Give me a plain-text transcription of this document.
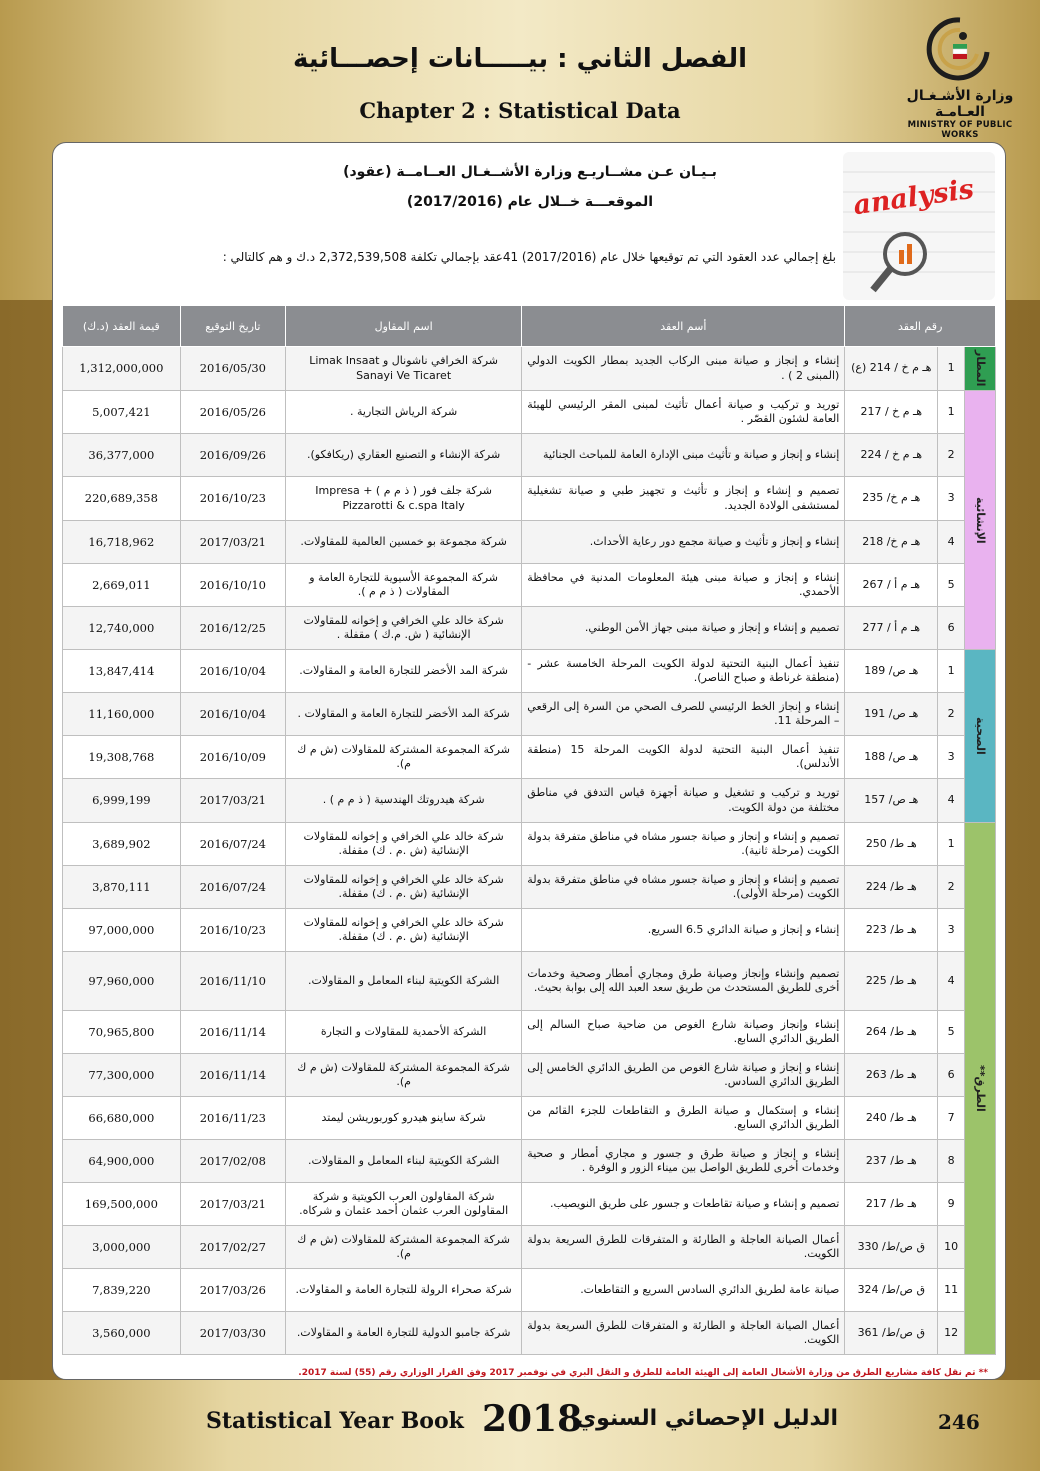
الفصل الثاني : بيـــــانات إحصـــائية
Chapter 2 : Statistical Data
وزارة الأشـغـال العـامـة
MINISTRY OF PUBLIC WORKS
analysis
بـيـان عـن مشــاريـع وزارة الأشــغـال العــامــة (عقود)
الموقعـــة خــلال عام (2017/2016)
بلغ إجمالي عدد العقود التي تم توقيعها خلال عام (2017/2016) 41عقد بإجمالي تكلفة 2,372,539,508 د.ك و هم كالتالي :
رقم العقد			أسم العقد	اسم المقاول	تاريخ التوقيع	قيمة العقد (د.ك)
المطار	1	هـ م خ / 214 (ع)	إنشاء و إنجاز و صيانة مبنى الركاب الجديد بمطار الكويت الدولي (المبنى 2 ) .	شركة الخرافي ناشونال و Limak Insaat Sanayi Ve Ticaret	2016/05/30	1,312,000,000
الإنشائية	1	هـ م خ / 217	توريد و تركيب و صيانة أعمال تأثيث لمبنى المقر الرئيسي للهيئة العامة لشئون القصّر .	شركة الرياش التجارية .	2016/05/26	5,007,421
	2	هـ م خ / 224	إنشاء و إنجاز و صيانة و تأثيث مبنى الإدارة العامة للمباحث الجنائية	شركة الإنشاء و التصنيع العقاري (ريكافكو).	2016/09/26	36,377,000
	3	هـ م خ/ 235	تصميم و إنشاء و إنجاز و تأثيث و تجهيز طبي و صيانة تشغيلية لمستشفى الولادة الجديد.	شركة جلف فور ( ذ م م ) + Impresa Pizzarotti & c.spa Italy	2016/10/23	220,689,358
	4	هـ م خ/ 218	إنشاء و إنجاز و تأثيث و صيانة مجمع دور رعاية الأحداث.	شركة مجموعة بو خمسين العالمية للمقاولات.	2017/03/21	16,718,962
	5	هـ م أ / 267	إنشاء و إنجاز و صيانة مبنى هيئة المعلومات المدنية في محافظة الأحمدي.	شركة المجموعة الأسيوية للتجارة العامة و المقاولات ( ذ م م ).	2016/10/10	2,669,011
	6	هـ م أ / 277	تصميم و إنشاء و إنجاز و صيانة مبنى جهاز الأمن الوطني.	شركة خالد علي الخرافي و إخوانه للمقاولات الإنشائية ( ش. م.ك ) مقفلة .	2016/12/25	12,740,000
الصحية	1	هـ ص/ 189	تنفيذ أعمال البنية التحتية لدولة الكويت المرحلة الخامسة عشر - (منطقة غرناطة و صباح الناصر).	شركة المد الأخضر للتجارة العامة و المقاولات.	2016/10/04	13,847,414
	2	هـ ص/ 191	إنشاء و إنجاز الخط الرئيسي للصرف الصحي من السرة إلى الرقعي – المرحلة 11.	شركة المد الأخضر للتجارة العامة و المقاولات .	2016/10/04	11,160,000
	3	هـ ص/ 188	تنفيذ أعمال البنية التحتية لدولة الكويت المرحلة 15 (منطقة الأندلس).	شركة المجموعة المشتركة للمقاولات (ش م ك م).	2016/10/09	19,308,768
	4	هـ ص/ 157	توريد و تركيب و تشغيل و صيانة أجهزة قياس التدفق في مناطق مختلفة من دولة الكويت.	شركة هيدروتك الهندسية ( ذ م م ) .	2017/03/21	6,999,199
الطرق**	1	هـ ط/ 250	تصميم و إنشاء و إنجاز و صيانة جسور مشاه في مناطق متفرقة بدولة الكويت (مرحلة ثانية).	شركة خالد علي الخرافي و إخوانه للمقاولات الإنشائية (ش .م . ك) مقفلة.	2016/07/24	3,689,902
	2	هـ ط/ 224	تصميم و إنشاء و إنجاز و صيانة جسور مشاه في مناطق متفرقة بدولة الكويت (مرحلة الأولى).	شركة خالد علي الخرافي و إخوانه للمقاولات الإنشائية (ش .م . ك) مقفلة.	2016/07/24	3,870,111
	3	هـ ط/ 223	إنشاء و إنجاز و صيانة الدائري 6.5 السريع.	شركة خالد علي الخرافي و إخوانه للمقاولات الإنشائية (ش .م . ك) مقفلة.	2016/10/23	97,000,000
	4	هـ ط/ 225	تصميم وإنشاء وإنجاز وصيانة طرق ومجاري أمطار وصحية وخدمات أخرى للطريق المستحدث من طريق سعد العبد الله إلى بوابة بحيث.	الشركة الكويتية لبناء المعامل و المقاولات.	2016/11/10	97,960,000
	5	هـ ط/ 264	إنشاء وإنجاز وصيانة شارع الغوص من ضاحية صباح السالم إلى الطريق الدائري السابع.	الشركة الأحمدية للمقاولات و التجارة	2016/11/14	70,965,800
	6	هـ ط/ 263	إنشاء و إنجاز و صيانة شارع الغوص من الطريق الدائري الخامس إلى الطريق الدائري السادس.	شركة المجموعة المشتركة للمقاولات (ش م ك م).	2016/11/14	77,300,000
	7	هـ ط/ 240	إنشاء و إستكمال و صيانة الطرق و التقاطعات للجزء القائم من الطريق الدائري السابع.	شركة ساينو هيدرو كوربوريشن ليمتد	2016/11/23	66,680,000
	8	هـ ط/ 237	إنشاء و إنجاز و صيانة طرق و جسور و مجاري أمطار و صحية وخدمات أخرى للطريق الواصل بين ميناء الزور و الوفرة .	الشركة الكويتية لبناء المعامل و المقاولات.	2017/02/08	64,900,000
	9	هـ ط/ 217	تصميم و إنشاء و صيانة تقاطعات و جسور على طريق النويصيب.	شركة المقاولون العرب الكويتية و شركة المقاولون العرب عثمان أحمد عثمان و شركاه.	2017/03/21	169,500,000
	10	ق ص/ط/ 330	أعمال الصيانة العاجلة و الطارئة و المتفرقات للطرق السريعة بدولة الكويت.	شركة المجموعة المشتركة للمقاولات (ش م ك م).	2017/02/27	3,000,000
	11	ق ص/ط/ 324	صيانة عامة لطريق الدائري السادس السريع و التقاطعات.	شركة صحراء الرولة للتجارة العامة و المقاولات.	2017/03/26	7,839,220
	12	ق ص/ط/ 361	أعمال الصيانة العاجلة و الطارئة و المتفرقات للطرق السريعة بدولة الكويت.	شركة جامبو الدولية للتجارة العامة و المقاولات.	2017/03/30	3,560,000
** تم نقل كافة مشاريع الطرق من وزارة الأشغال العامة إلى الهيئة العامة للطرق و النقل البري في نوفمبر 2017 وفق القرار الوزاري رقم (55) لسنة 2017.
Statistical Year Book 2018
الدليل الإحصائي السنوي	246
